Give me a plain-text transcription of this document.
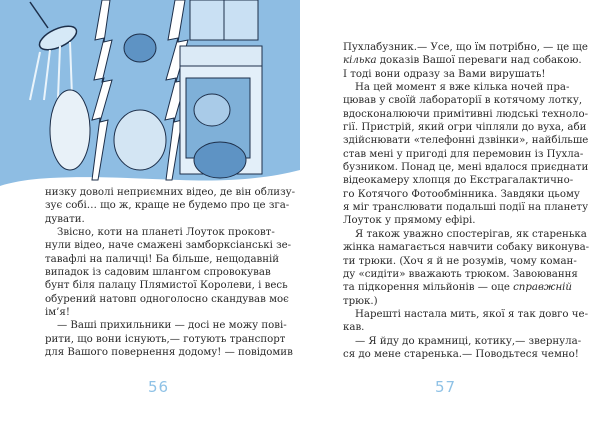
низку доволі неприємних відео, де він облизу-
зує собі… що ж, краще не будемо про це зга-
дувати.
Звісно, коти на планеті Лоуток проковт-
нули відео, наче смажені замборксіанські зе-
тавафлі на паличці! Ба більше, нещодавній
випадок із садовим шлангом спровокував
бунт біля палацу Плямистої Королеви, і весь
обурений натовп одноголосно скандував моє
ім’я!
— Ваші прихильники — досі не можу пові-
рити, що вони існують,— готують транспорт
для Вашого повернення додому! — повідомив
56
Пухлабузник.— Усе, що їм потрібно, — це ще
кілька доказів Вашої переваги над собакою.
І тоді вони одразу за Вами вирушать!
На цей момент я вже кілька ночей пра-
цював у своїй лабораторії в котячому лотку,
вдосконалюючи примітивні людські техноло-
гії. Пристрій, який огри чіпляли до вуха, аби
здійснювати «телефонні дзвінки», найбільше
став мені у пригоді для перемовин із Пухла-
бузником. Понад це, мені вдалося приєднати
відеокамеру хлопця до Екстрагалактично-
го Котячого Фотообмінника. Завдяки цьому
я міг транслювати подальші події на планету
Лоуток у прямому ефірі.
Я також уважно спостерігав, як старенька
жінка намагається навчити собаку виконува-
ти трюки. (Хоч я й не розумів, чому коман-
ду «сидіти» вважають трюком. Завоювання
та підкорення мільйонів — оце справжній
трюк.)
Нарешті настала мить, якої я так довго че-
кав.
— Я йду до крамниці, котику,— звернула-
ся до мене старенька.— Поводьтеся чемно!
57
